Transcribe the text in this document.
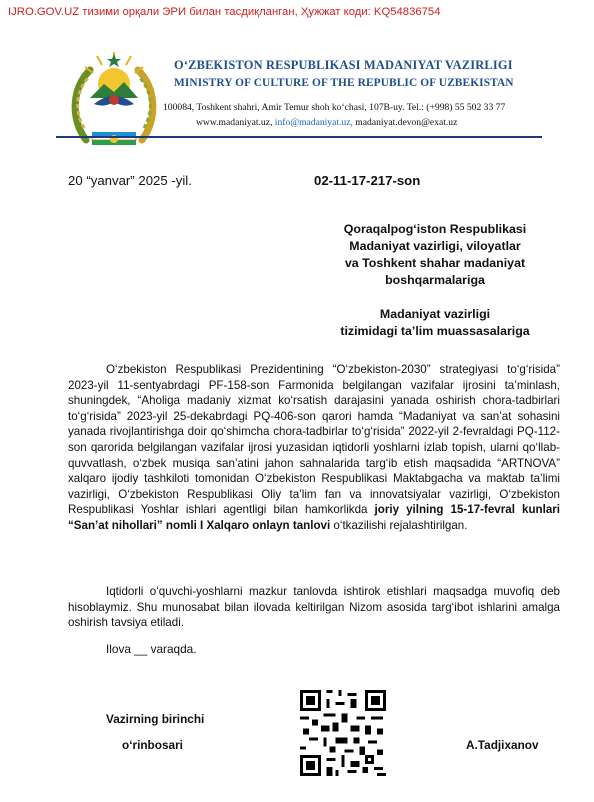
IJRO.GOV.UZ тизими орқали ЭРИ билан тасдиқланган, Ҳужжат коди: KQ54836754
O‘ZBEKISTON RESPUBLIKASI MADANIYAT VAZIRLIGI
MINISTRY OF CULTURE OF THE REPUBLIC OF UZBEKISTAN
100084, Toshkent shahri, Amir Temur shoh ko‘chasi, 107B-uy. Tel.: (+998) 55 502 33 77
www.madaniyat.uz, info@madaniyat.uz, madaniyat.devon@exat.uz
20 “yanvar” 2025 -yil.	02-11-17-217-son
Qoraqalpog‘iston Respublikasi
Madaniyat vazirligi, viloyatlar
va Toshkent shahar madaniyat
boshqarmalariga
Madaniyat vazirligi
tizimidagi ta’lim muassasalariga

O‘zbekiston Respublikasi Prezidentining “O‘zbekiston-2030” strategiyasi to‘g‘risida” 2023-yil 11-sentyabrdagi PF-158-son Farmonida belgilangan vazifalar ijrosini ta’minlash, shuningdek, “Aholiga madaniy xizmat ko‘rsatish darajasini yanada oshirish chora-tadbirlari to‘g‘risida” 2023-yil 25-dekabrdagi PQ-406-son qarori hamda “Madaniyat va san’at sohasini yanada rivojlantirishga doir qo‘shimcha chora-tadbirlar to‘g‘risida” 2022-yil 2-fevraldagi PQ-112-son qarorida belgilangan vazifalar ijrosi yuzasidan iqtidorli yoshlarni izlab topish, ularni qo‘llab-quvvatlash, o‘zbek musiqa san’atini jahon sahnalarida targ‘ib etish maqsadida “ARTNOVA” xalqaro ijodiy tashkiloti tomonidan O‘zbekiston Respublikasi Maktabgacha va maktab ta’limi vazirligi, O‘zbekiston Respublikasi Oliy ta’lim fan va innovatsiyalar vazirligi, O‘zbekiston Respublikasi Yoshlar ishlari agentligi bilan hamkorlikda joriy yilning 15-17-fevral kunlari “San’at nihollari” nomli I Xalqaro onlayn tanlovi o‘tkazilishi rejalashtirilgan.

Iqtidorli o‘quvchi-yoshlarni mazkur tanlovda ishtirok etishlari maqsadga muvofiq deb hisoblaymiz. Shu munosabat bilan ilovada keltirilgan Nizom asosida targ‘ibot ishlarini amalga oshirish tavsiya etiladi.

Ilova __ varaqda.
Vazirning birinchi
o‘rinbosari	A.Tadjixanov
